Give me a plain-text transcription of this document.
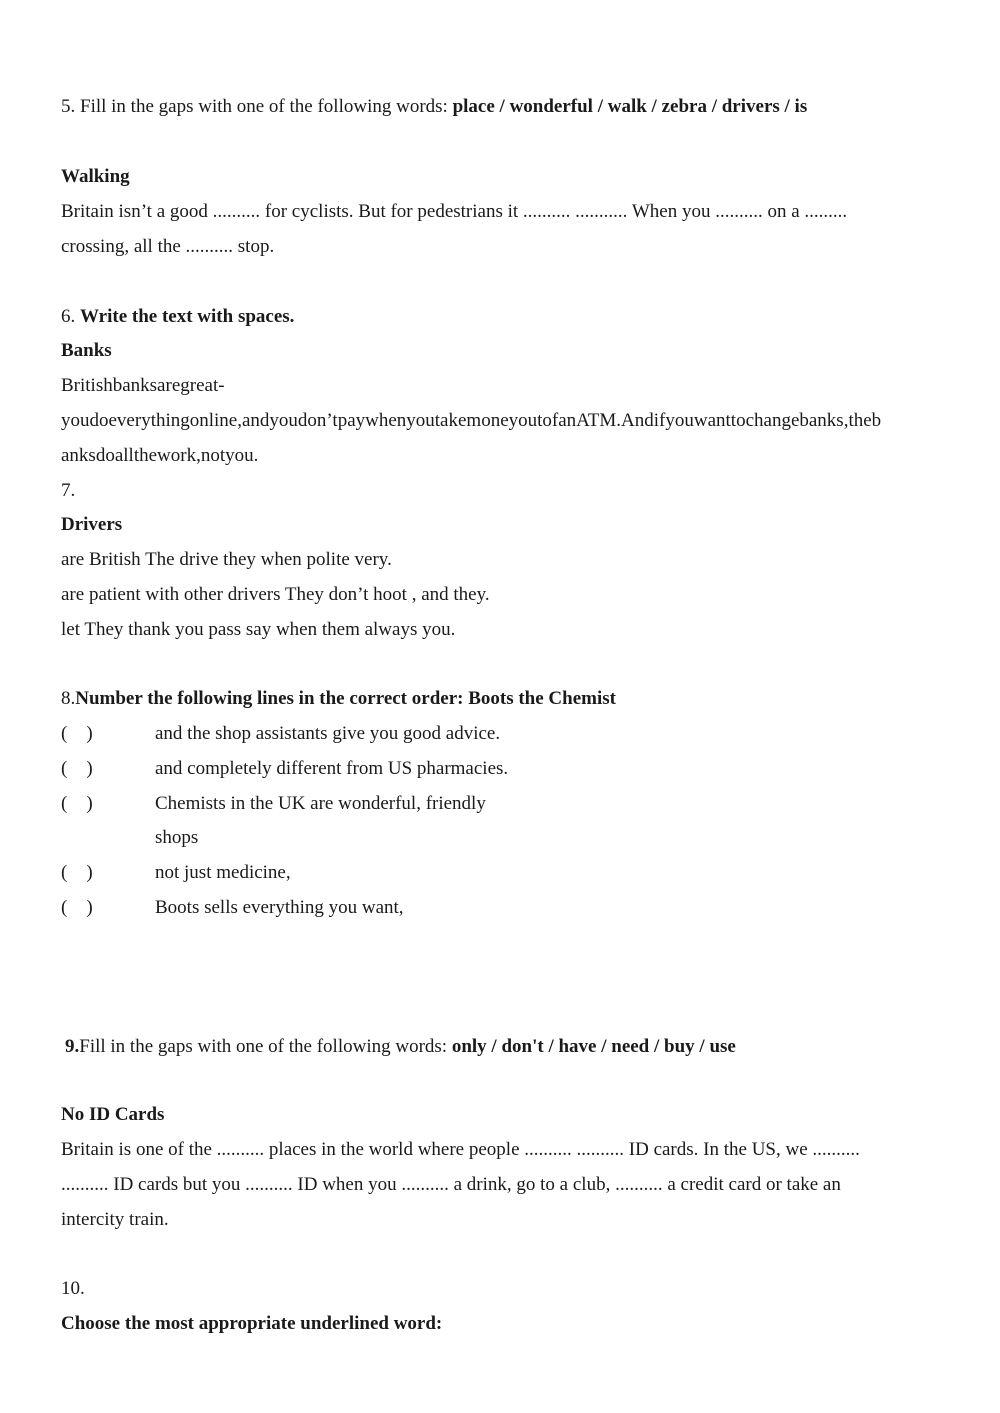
5. Fill in the gaps with one of the following words: place / wonderful / walk / zebra / drivers / is
Walking
Britain isn’t a good .......... for cyclists. But for pedestrians it .......... ........... When you .......... on a .........
crossing, all the .......... stop.
6. Write the text with spaces.
Banks
Britishbanksaregreat-
youdoeverythingonline,andyoudon’tpaywhenyoutakemoneyoutofanATM.Andifyouwanttochangebanks,theb
anksdoallthework,notyou.
7.
Drivers
are British The drive they when polite very.
are patient with other drivers They don’t hoot , and they.
let They thank you pass say when them always you.
8.Number the following lines in the correct order: Boots the Chemist
(    )	and the shop assistants give you good advice.
(    )	and completely different from US pharmacies.
(    )	Chemists in the UK are wonderful, friendly
shops
(    )	not just medicine,
(    )	Boots sells everything you want,
9.Fill in the gaps with one of the following words: only / don't / have / need / buy / use
No ID Cards
Britain is one of the .......... places in the world where people .......... .......... ID cards. In the US, we ..........
.......... ID cards but you .......... ID when you .......... a drink, go to a club, .......... a credit card or take an
intercity train.
10.
Choose the most appropriate underlined word:
